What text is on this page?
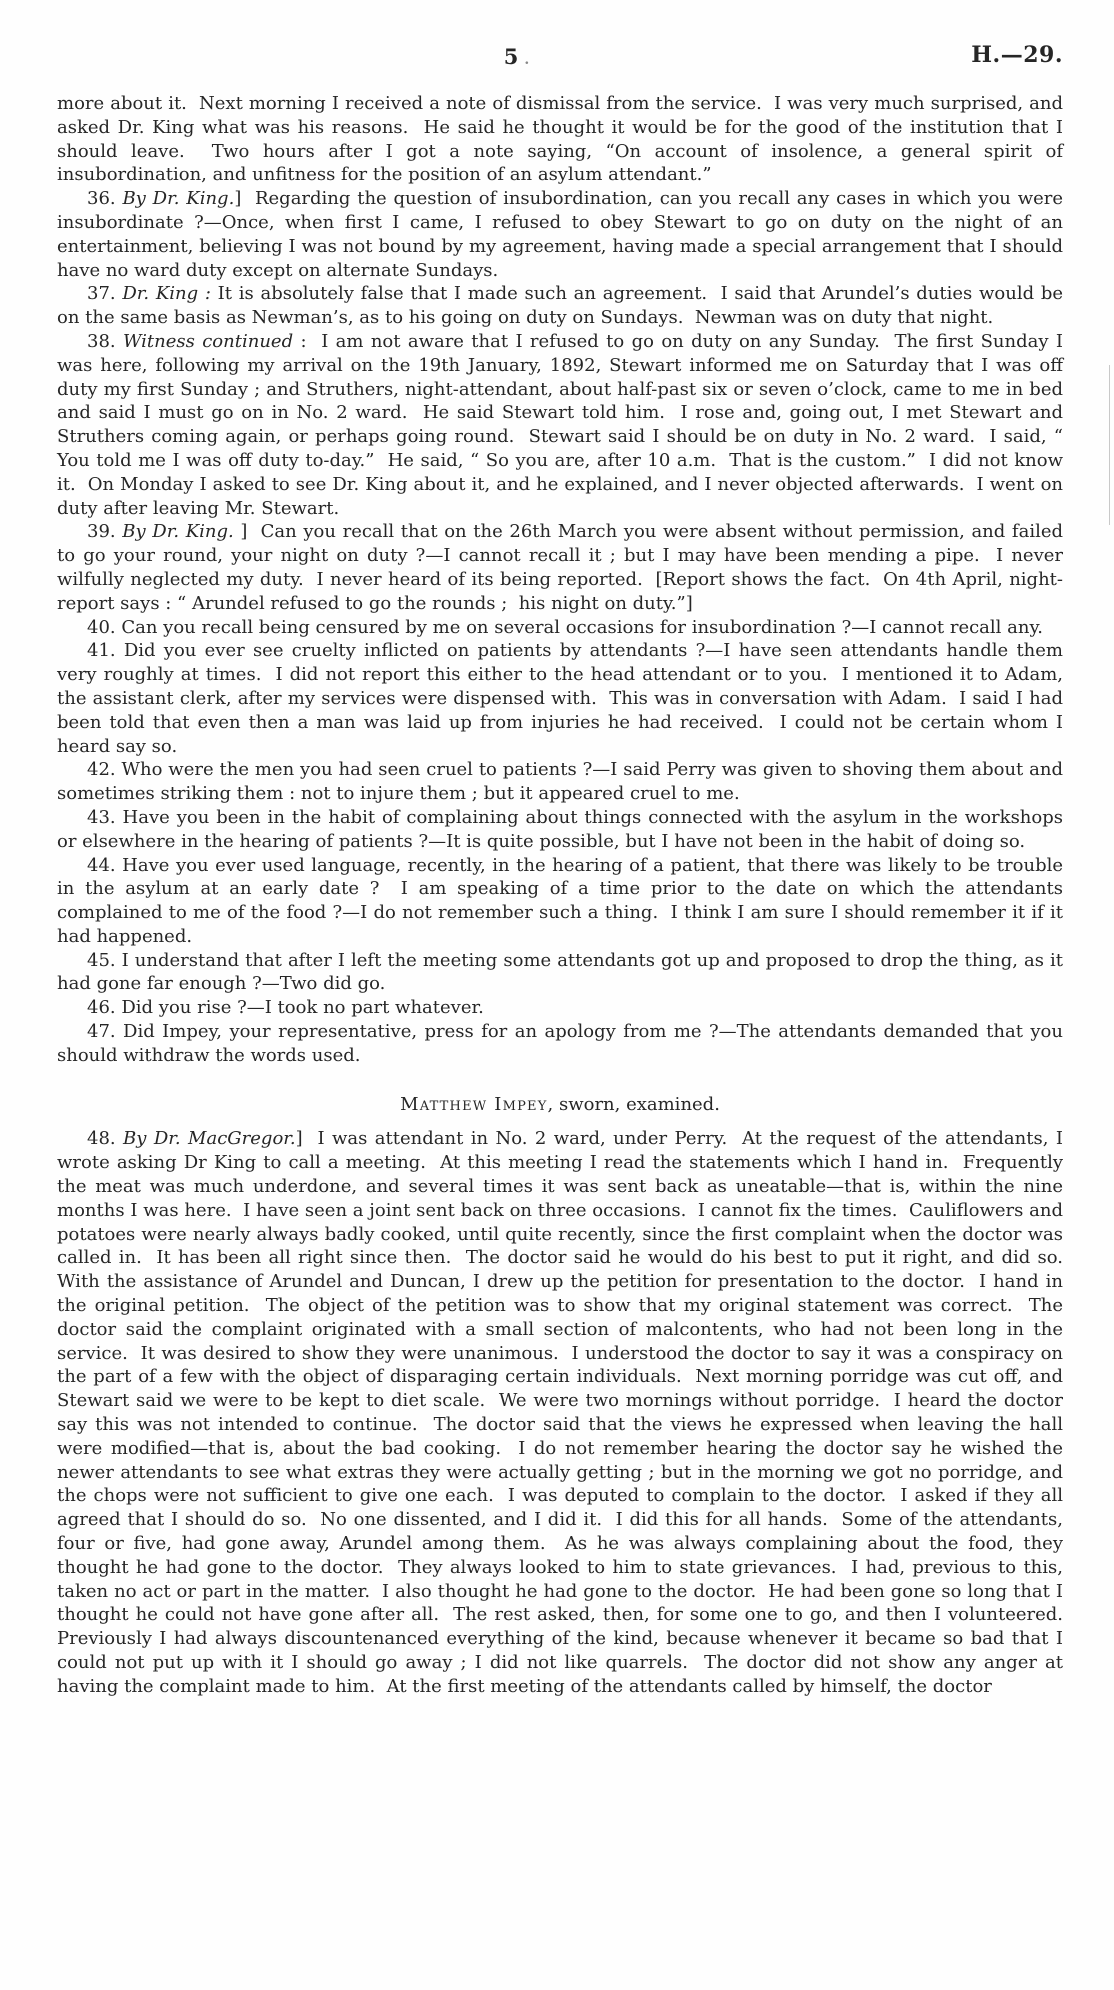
5 .	H.—29.

more about it.  Next morning I received a note of dismissal from the service.  I was very much surprised, and asked Dr. King what was his reasons.  He said he thought it would be for the good of the institution that I should leave.  Two hours after I got a note saying, “On account of insolence, a general spirit of insubordination, and unfitness for the position of an asylum attendant.”

36. By Dr. King.]  Regarding the question of insubordination, can you recall any cases in which you were insubordinate ?—Once, when first I came, I refused to obey Stewart to go on duty on the night of an entertainment, believing I was not bound by my agreement, having made a special arrangement that I should have no ward duty except on alternate Sundays.

37. Dr. King : It is absolutely false that I made such an agreement.  I said that Arundel’s duties would be on the same basis as Newman’s, as to his going on duty on Sundays.  Newman was on duty that night.

38. Witness continued :  I am not aware that I refused to go on duty on any Sunday.  The first Sunday I was here, following my arrival on the 19th January, 1892, Stewart informed me on Saturday that I was off duty my first Sunday ; and Struthers, night-attendant, about half-past six or seven o’clock, came to me in bed and said I must go on in No. 2 ward.  He said Stewart told him.  I rose and, going out, I met Stewart and Struthers coming again, or perhaps going round.  Stewart said I should be on duty in No. 2 ward.  I said, “ You told me I was off duty to-day.”  He said, “ So you are, after 10 a.m.  That is the custom.”  I did not know it.  On Monday I asked to see Dr. King about it, and he explained, and I never objected afterwards.  I went on duty after leaving Mr. Stewart.

39. By Dr. King. ]  Can you recall that on the 26th March you were absent without permission, and failed to go your round, your night on duty ?—I cannot recall it ; but I may have been mending a pipe.  I never wilfully neglected my duty.  I never heard of its being reported.  [Report shows the fact.  On 4th April, night-report says : “ Arundel refused to go the rounds ;  his night on duty.”]

40. Can you recall being censured by me on several occasions for insubordination ?—I cannot recall any.

41. Did you ever see cruelty inflicted on patients by attendants ?—I have seen attendants handle them very roughly at times.  I did not report this either to the head attendant or to you.  I mentioned it to Adam, the assistant clerk, after my services were dispensed with.  This was in conversation with Adam.  I said I had been told that even then a man was laid up from injuries he had received.  I could not be certain whom I heard say so.

42. Who were the men you had seen cruel to patients ?—I said Perry was given to shoving them about and sometimes striking them : not to injure them ; but it appeared cruel to me.

43. Have you been in the habit of complaining about things connected with the asylum in the workshops or elsewhere in the hearing of patients ?—It is quite possible, but I have not been in the habit of doing so.

44. Have you ever used language, recently, in the hearing of a patient, that there was likely to be trouble in the asylum at an early date ?  I am speaking of a time prior to the date on which the attendants complained to me of the food ?—I do not remember such a thing.  I think I am sure I should remember it if it had happened.

45. I understand that after I left the meeting some attendants got up and proposed to drop the thing, as it had gone far enough ?—Two did go.

46. Did you rise ?—I took no part whatever.

47. Did Impey, your representative, press for an apology from me ?—The attendants demanded that you should withdraw the words used.

Matthew Impey, sworn, examined.

48. By Dr. MacGregor.]  I was attendant in No. 2 ward, under Perry.  At the request of the attendants, I wrote asking Dr King to call a meeting.  At this meeting I read the statements which I hand in.  Frequently the meat was much underdone, and several times it was sent back as uneatable—that is, within the nine months I was here.  I have seen a joint sent back on three occasions.  I cannot fix the times.  Cauliflowers and potatoes were nearly always badly cooked, until quite recently, since the first complaint when the doctor was called in.  It has been all right since then.  The doctor said he would do his best to put it right, and did so.  With the assistance of Arundel and Duncan, I drew up the petition for presentation to the doctor.  I hand in the original petition.  The object of the petition was to show that my original statement was correct.  The doctor said the complaint originated with a small section of malcontents, who had not been long in the service.  It was desired to show they were unanimous.  I understood the doctor to say it was a conspiracy on the part of a few with the object of disparaging certain individuals.  Next morning porridge was cut off, and Stewart said we were to be kept to diet scale.  We were two mornings without porridge.  I heard the doctor say this was not intended to continue.  The doctor said that the views he expressed when leaving the hall were modified—that is, about the bad cooking.  I do not remember hearing the doctor say he wished the newer attendants to see what extras they were actually getting ; but in the morning we got no porridge, and the chops were not sufficient to give one each.  I was deputed to complain to the doctor.  I asked if they all agreed that I should do so.  No one dissented, and I did it.  I did this for all hands.  Some of the attendants, four or five, had gone away, Arundel among them.  As he was always complaining about the food, they thought he had gone to the doctor.  They always looked to him to state grievances.  I had, previous to this, taken no act or part in the matter.  I also thought he had gone to the doctor.  He had been gone so long that I thought he could not have gone after all.  The rest asked, then, for some one to go, and then I volunteered.  Previously I had always discountenanced everything of the kind, because whenever it became so bad that I could not put up with it I should go away ; I did not like quarrels.  The doctor did not show any anger at having the complaint made to him.  At the first meeting of the attendants called by himself, the doctor
